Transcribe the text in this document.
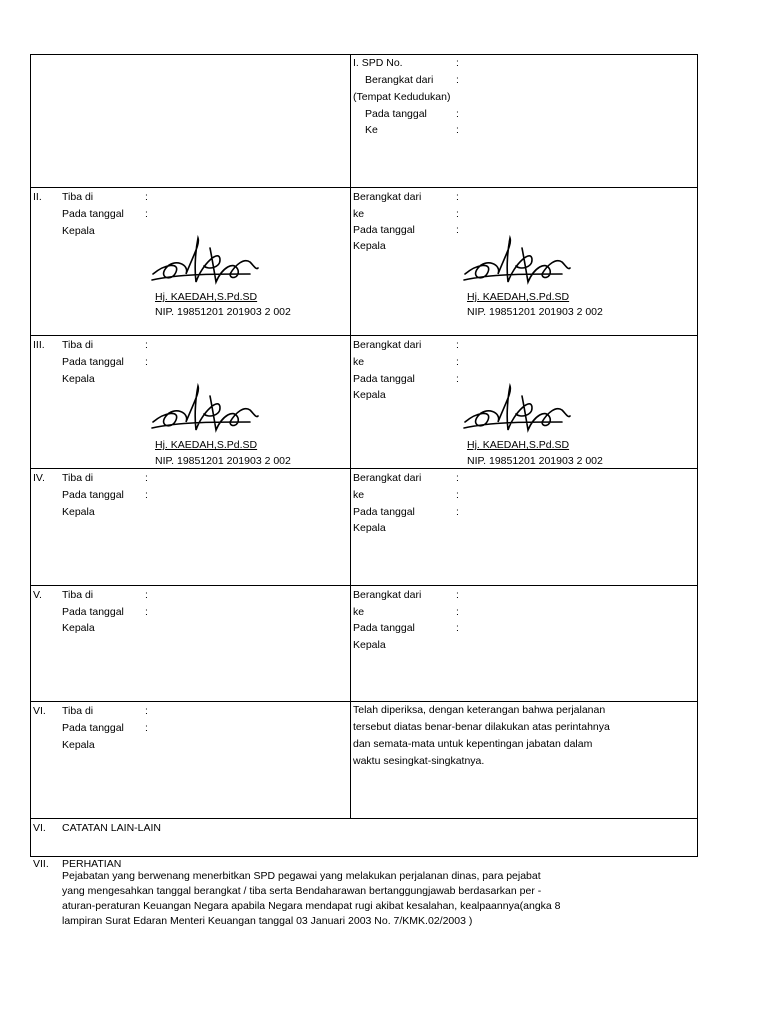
I. SPD No.	:
Berangkat dari :
(Tempat Kedudukan)
Pada tanggal	:
Ke	:
II. Tiba di	:
Pada tanggal :
Kepala
Hj. KAEDAH,S.Pd.SD
NIP. 19851201 201903 2 002
Berangkat dari	:
ke	:
Pada tanggal	:
Kepala
Hj. KAEDAH,S.Pd.SD
NIP. 19851201 201903 2 002
III. Tiba di	:
Pada tanggal :
Kepala
Hj. KAEDAH,S.Pd.SD
NIP. 19851201 201903 2 002
Berangkat dari	:
ke	:
Pada tanggal	:
Kepala
Hj. KAEDAH,S.Pd.SD
NIP. 19851201 201903 2 002
IV. Tiba di	:
Pada tanggal :
Kepala
Berangkat dari	:
ke	:
Pada tanggal	:
Kepala
V. Tiba di	:
Pada tanggal :
Kepala
Berangkat dari	:
ke	:
Pada tanggal	:
Kepala
VI. Tiba di	:
Pada tanggal :
Kepala
Telah diperiksa, dengan keterangan bahwa perjalanan
tersebut diatas benar-benar dilakukan atas perintahnya
dan semata-mata untuk kepentingan jabatan dalam
waktu sesingkat-singkatnya.
VI. CATATAN LAIN-LAIN
VII. PERHATIAN
Pejabatan yang berwenang menerbitkan SPD pegawai yang melakukan perjalanan dinas, para pejabat
yang mengesahkan tanggal berangkat / tiba serta Bendaharawan bertanggungjawab berdasarkan per -
aturan-peraturan Keuangan Negara apabila Negara mendapat rugi akibat kesalahan, kealpaannya(angka 8
lampiran Surat Edaran Menteri Keuangan tanggal 03 Januari 2003 No. 7/KMK.02/2003 )
